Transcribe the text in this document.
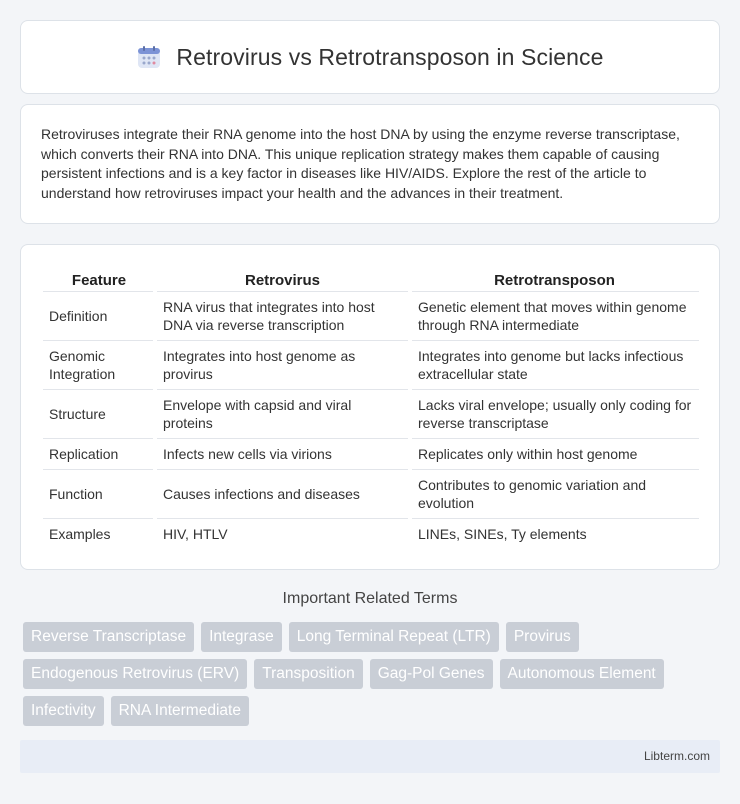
Retrovirus vs Retrotransposon in Science

Retroviruses integrate their RNA genome into the host DNA by using the enzyme reverse transcriptase, which converts their RNA into DNA. This unique replication strategy makes them capable of causing persistent infections and is a key factor in diseases like HIV/AIDS. Explore the rest of the article to understand how retroviruses impact your health and the advances in their treatment.

Feature	Retrovirus	Retrotransposon
Definition	RNA virus that integrates into host DNA via reverse transcription	Genetic element that moves within genome through RNA intermediate
Genomic Integration	Integrates into host genome as provirus	Integrates into genome but lacks infectious extracellular state
Structure	Envelope with capsid and viral proteins	Lacks viral envelope; usually only coding for reverse transcriptase
Replication	Infects new cells via virions	Replicates only within host genome
Function	Causes infections and diseases	Contributes to genomic variation and evolution
Examples	HIV, HTLV	LINEs, SINEs, Ty elements
Important Related Terms
Reverse Transcriptase	Integrase	Long Terminal Repeat (LTR)	Provirus
Endogenous Retrovirus (ERV)	Transposition	Gag-Pol Genes	Autonomous Element
Infectivity	RNA Intermediate
Libterm.com
